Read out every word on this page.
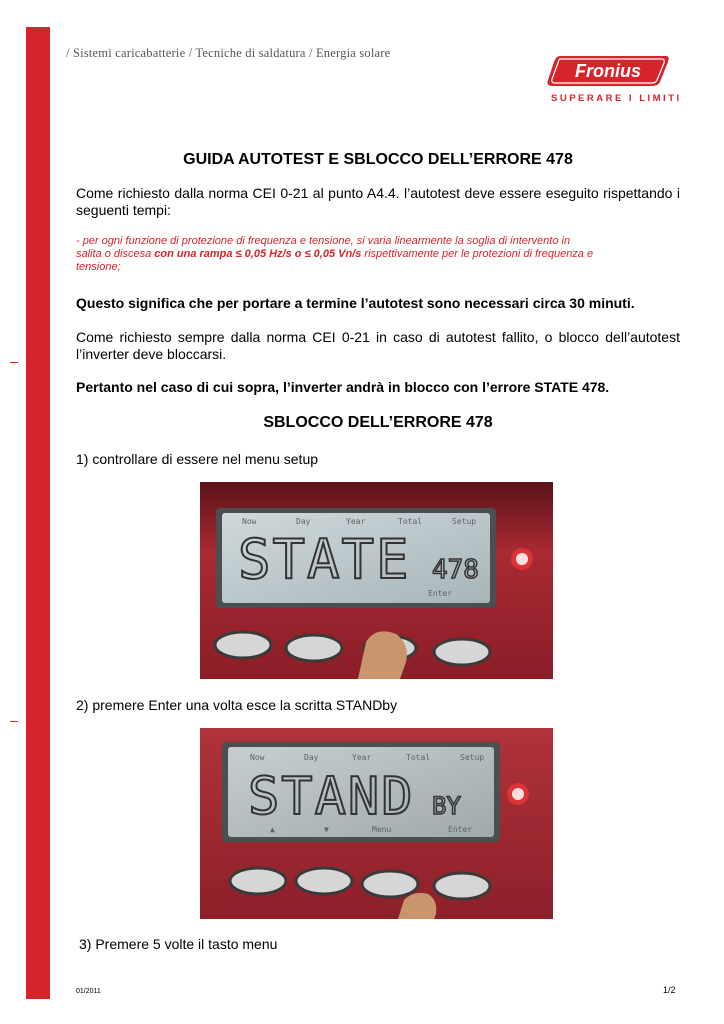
/ Sistemi caricabatterie / Tecniche di saldatura / Energia solare
Fronius
SUPERARE I LIMITI
GUIDA AUTOTEST E SBLOCCO DELL’ERRORE 478
Come richiesto dalla norma CEI 0-21 al punto A4.4. l’autotest deve essere eseguito rispettando i seguenti tempi:
- per ogni funzione di protezione di frequenza e tensione, si varia linearmente la soglia di intervento in salita o discesa con una rampa ≤ 0,05 Hz/s o ≤ 0,05 Vn/s rispettivamente per le protezioni di frequenza e tensione;
Questo significa che per portare a termine l’autotest sono necessari circa 30 minuti.
Come richiesto sempre dalla norma CEI 0-21 in caso di autotest fallito, o blocco dell’autotest l’inverter deve bloccarsi.
Pertanto nel caso di cui sopra, l’inverter andrà in blocco con l’errore STATE 478.
SBLOCCO DELL’ERRORE 478
1) controllare di essere nel menu setup
Now	Day	Year	Total	Setup
Enter
STATE 478
2) premere Enter una volta esce la scritta STANDby
Now	Day	Year	Total	Setup
▲	▼	Menu	Enter
STAND BY
3) Premere 5 volte il tasto menu
01/2011	1/2
